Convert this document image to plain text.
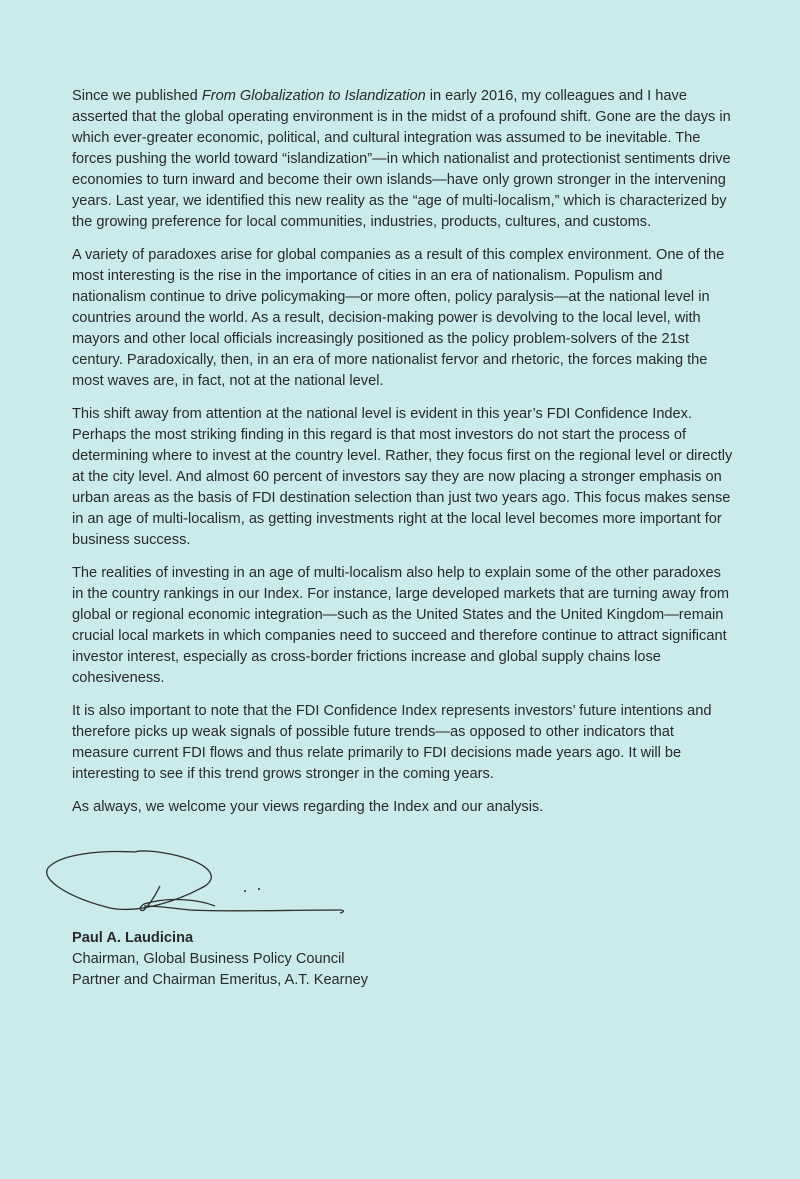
Since we published From Globalization to Islandization in early 2016, my colleagues and I have asserted that the global operating environment is in the midst of a profound shift. Gone are the days in which ever-greater economic, political, and cultural integration was assumed to be inevitable. The forces pushing the world toward “islandization”—in which nationalist and protectionist sentiments drive economies to turn inward and become their own islands—have only grown stronger in the intervening years. Last year, we identified this new reality as the “age of multi-localism,” which is characterized by the growing preference for local communities, industries, products, cultures, and customs.

A variety of paradoxes arise for global companies as a result of this complex environment. One of the most interesting is the rise in the importance of cities in an era of nationalism. Populism and nationalism continue to drive policymaking—or more often, policy paralysis—at the national level in countries around the world. As a result, decision-making power is devolving to the local level, with mayors and other local officials increasingly positioned as the policy problem-solvers of the 21st century. Paradoxically, then, in an era of more nationalist fervor and rhetoric, the forces making the most waves are, in fact, not at the national level.

This shift away from attention at the national level is evident in this year’s FDI Confidence Index. Perhaps the most striking finding in this regard is that most investors do not start the process of determining where to invest at the country level. Rather, they focus first on the regional level or directly at the city level. And almost 60 percent of investors say they are now placing a stronger emphasis on urban areas as the basis of FDI destination selection than just two years ago. This focus makes sense in an age of multi-localism, as getting investments right at the local level becomes more important for business success.

The realities of investing in an age of multi-localism also help to explain some of the other paradoxes in the country rankings in our Index. For instance, large developed markets that are turning away from global or regional economic integration—such as the United States and the United Kingdom—remain crucial local markets in which companies need to succeed and therefore continue to attract significant investor interest, especially as cross-border frictions increase and global supply chains lose cohesiveness.

It is also important to note that the FDI Confidence Index represents investors’ future intentions and therefore picks up weak signals of possible future trends—as opposed to other indicators that measure current FDI flows and thus relate primarily to FDI decisions made years ago. It will be interesting to see if this trend grows stronger in the coming years.

As always, we welcome your views regarding the Index and our analysis.

Paul A. Laudicina
Chairman, Global Business Policy Council
Partner and Chairman Emeritus, A.T. Kearney
